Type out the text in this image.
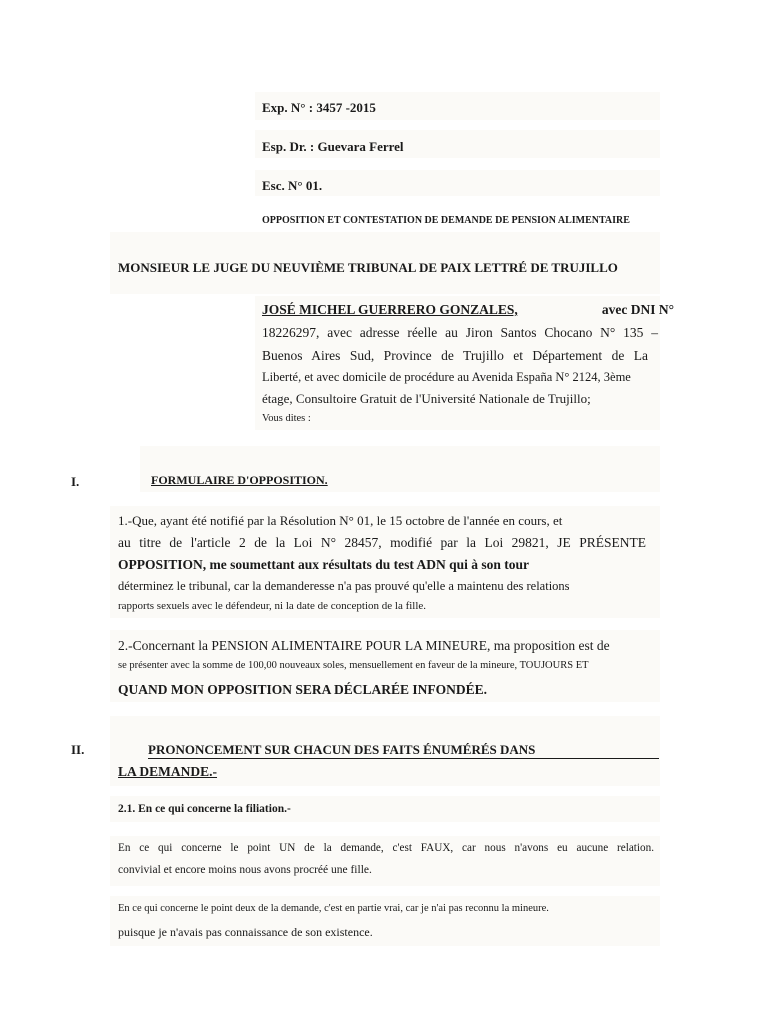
Exp. N° : 3457 -2015
Esp. Dr. : Guevara Ferrel
Esc. N° 01.
OPPOSITION ET CONTESTATION DE DEMANDE DE PENSION ALIMENTAIRE
MONSIEUR LE JUGE DU NEUVIÈME TRIBUNAL DE PAIX LETTRÉ DE TRUJILLO
JOSÉ MICHEL GUERRERO GONZALES,	avec DNI N°
18226297, avec adresse réelle au Jiron Santos Chocano N° 135 –
Buenos Aires Sud, Province de Trujillo et Département de La
Liberté, et avec domicile de procédure au Avenida España N° 2124, 3ème
étage, Consultoire Gratuit de l'Université Nationale de Trujillo;
Vous dites :
I.	FORMULAIRE D'OPPOSITION.
1.-Que, ayant été notifié par la Résolution N° 01, le 15 octobre de l'année en cours, et
au titre de l'article 2 de la Loi N° 28457, modifié par la Loi 29821, JE PRÉSENTE
OPPOSITION, me soumettant aux résultats du test ADN qui à son tour
déterminez le tribunal, car la demanderesse n'a pas prouvé qu'elle a maintenu des relations
rapports sexuels avec le défendeur, ni la date de conception de la fille.
2.-Concernant la PENSION ALIMENTAIRE POUR LA MINEURE, ma proposition est de
se présenter avec la somme de 100,00 nouveaux soles, mensuellement en faveur de la mineure, TOUJOURS ET
QUAND MON OPPOSITION SERA DÉCLARÉE INFONDÉE.
II.	PRONONCEMENT SUR CHACUN DES FAITS ÉNUMÉRÉS DANS
LA DEMANDE.-
2.1. En ce qui concerne la filiation.-
En ce qui concerne le point UN de la demande, c'est FAUX, car nous n'avons eu aucune relation.
convivial et encore moins nous avons procréé une fille.
En ce qui concerne le point deux de la demande, c'est en partie vrai, car je n'ai pas reconnu la mineure.
puisque je n'avais pas connaissance de son existence.
